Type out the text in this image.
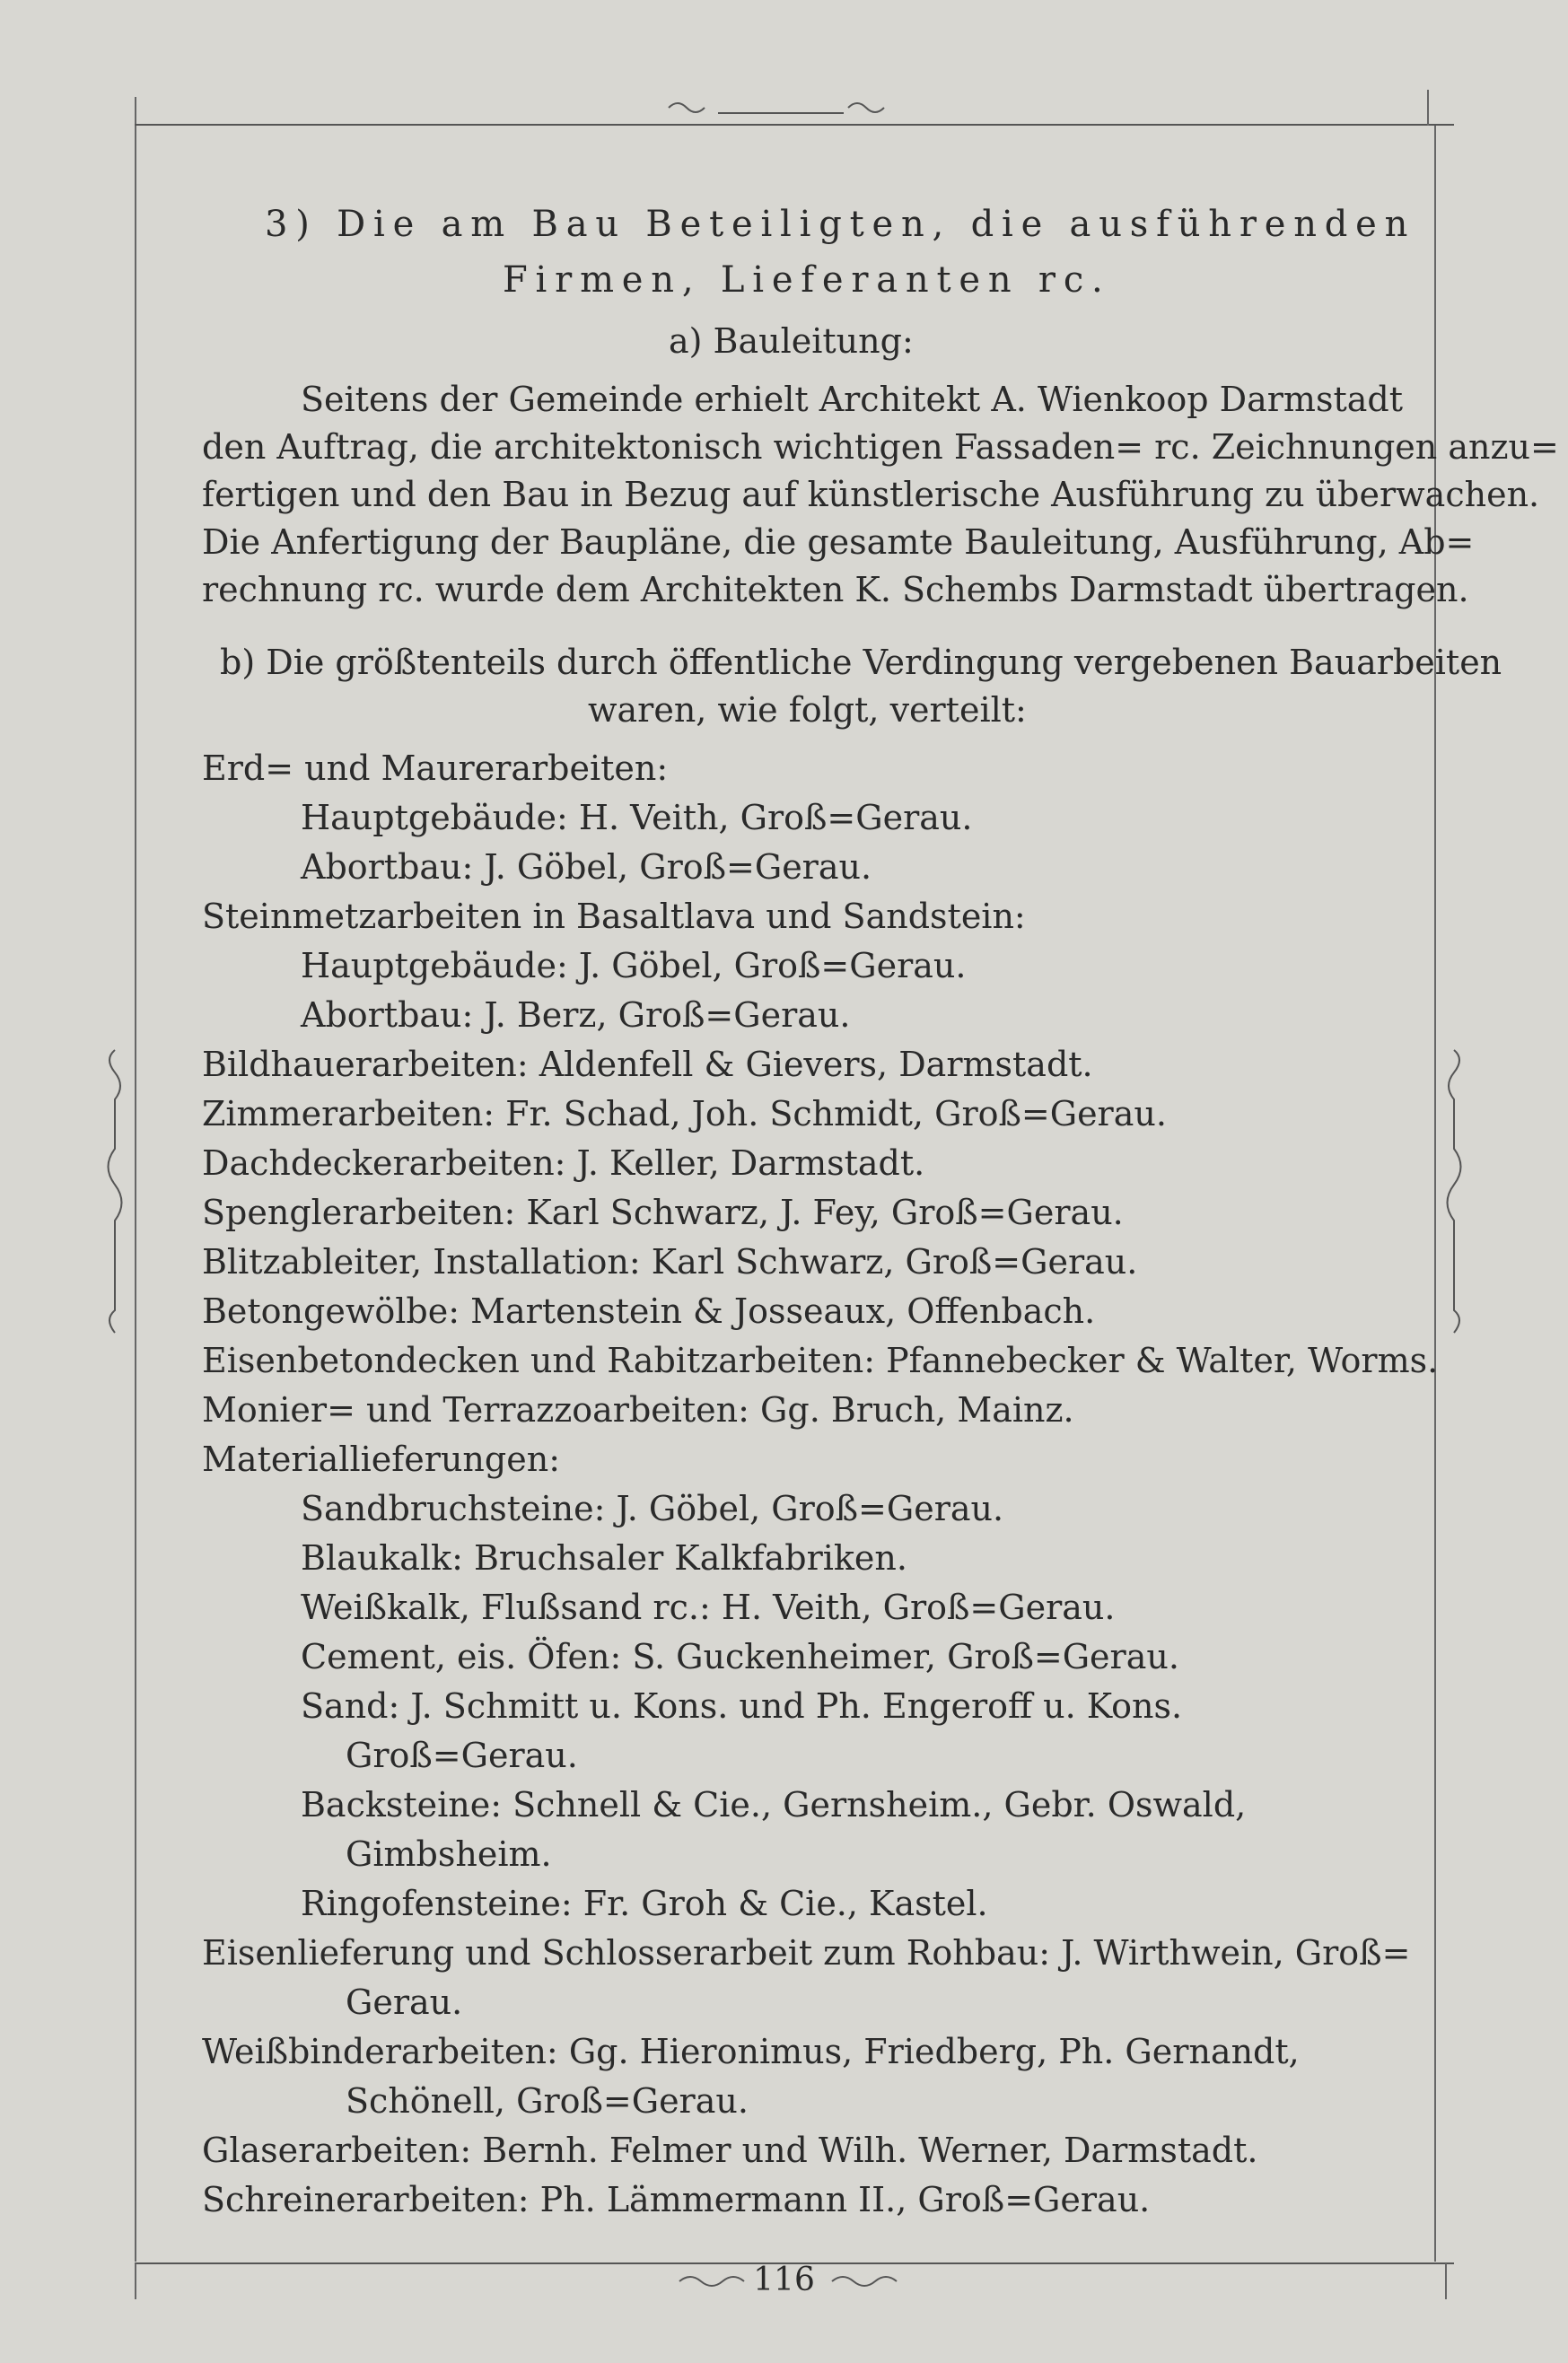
3) Die am Bau Beteiligten, die ausführenden
Firmen, Lieferanten rc.
a) Bauleitung:
Seitens der Gemeinde erhielt Architekt A. Wienkoop Darmstadt
den Auftrag, die architektonisch wichtigen Fassaden= rc. Zeichnungen anzu=
fertigen und den Bau in Bezug auf künstlerische Ausführung zu überwachen.
Die Anfertigung der Baupläne, die gesamte Bauleitung, Ausführung, Ab=
rechnung rc. wurde dem Architekten K. Schembs Darmstadt übertragen.
b) Die größtenteils durch öffentliche Verdingung vergebenen Bauarbeiten
waren, wie folgt, verteilt:
Erd= und Maurerarbeiten:
Hauptgebäude: H. Veith, Groß=Gerau.
Abortbau: J. Göbel, Groß=Gerau.
Steinmetzarbeiten in Basaltlava und Sandstein:
Hauptgebäude: J. Göbel, Groß=Gerau.
Abortbau: J. Berz, Groß=Gerau.
Bildhauerarbeiten: Aldenfell & Gievers, Darmstadt.
Zimmerarbeiten: Fr. Schad, Joh. Schmidt, Groß=Gerau.
Dachdeckerarbeiten: J. Keller, Darmstadt.
Spenglerarbeiten: Karl Schwarz, J. Fey, Groß=Gerau.
Blitzableiter, Installation: Karl Schwarz, Groß=Gerau.
Betongewölbe: Martenstein & Josseaux, Offenbach.
Eisenbetondecken und Rabitzarbeiten: Pfannebecker & Walter, Worms.
Monier= und Terrazzoarbeiten: Gg. Bruch, Mainz.
Materiallieferungen:
Sandbruchsteine: J. Göbel, Groß=Gerau.
Blaukalk: Bruchsaler Kalkfabriken.
Weißkalk, Flußsand rc.: H. Veith, Groß=Gerau.
Cement, eis. Öfen: S. Guckenheimer, Groß=Gerau.
Sand: J. Schmitt u. Kons. und Ph. Engeroff u. Kons.
Groß=Gerau.
Backsteine: Schnell & Cie., Gernsheim., Gebr. Oswald,
Gimbsheim.
Ringofensteine: Fr. Groh & Cie., Kastel.
Eisenlieferung und Schlosserarbeit zum Rohbau: J. Wirthwein, Groß=
Gerau.
Weißbinderarbeiten: Gg. Hieronimus, Friedberg, Ph. Gernandt,
Schönell, Groß=Gerau.
Glaserarbeiten: Bernh. Felmer und Wilh. Werner, Darmstadt.
Schreinerarbeiten: Ph. Lämmermann II., Groß=Gerau.
116
